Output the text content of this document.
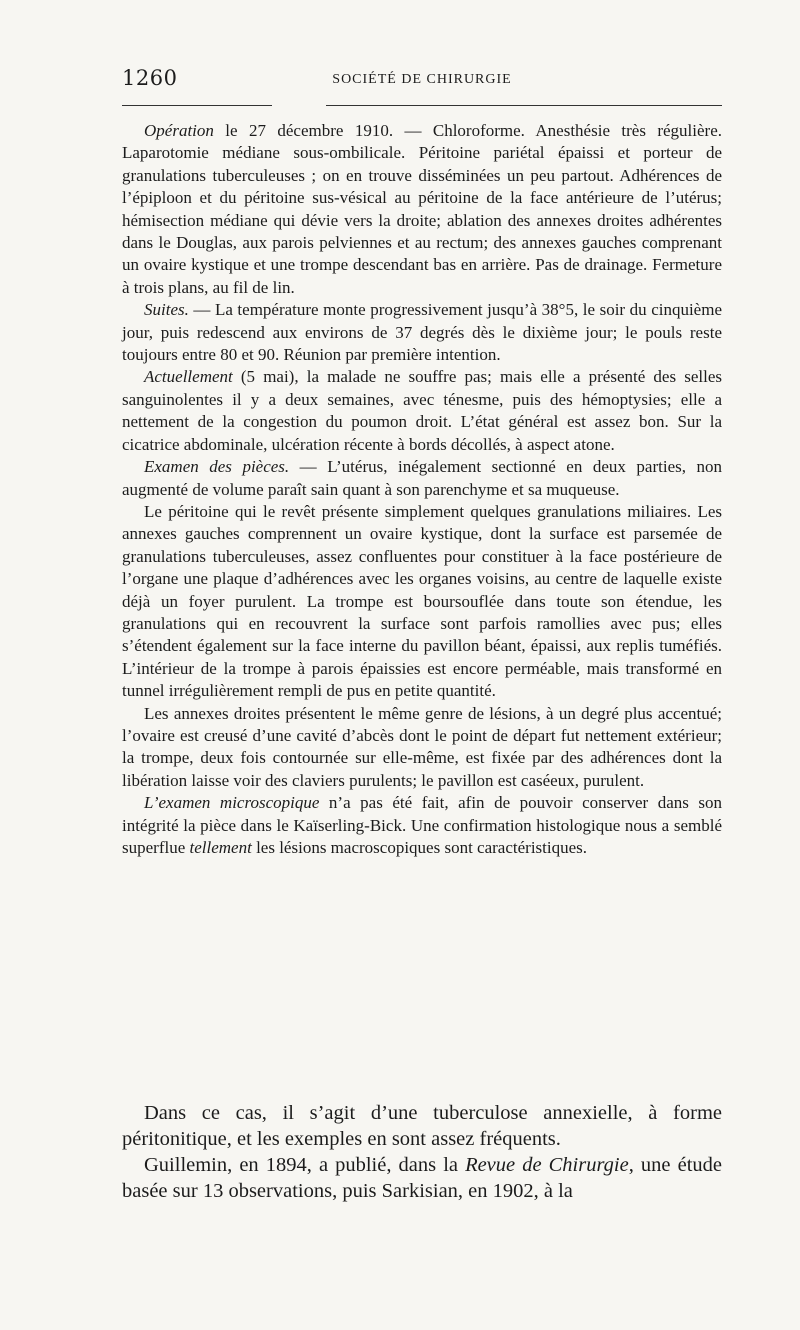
1260	SOCIÉTÉ DE CHIRURGIE

Opération le 27 décembre 1910. — Chloroforme. Anesthésie très régulière. Laparotomie médiane sous-ombilicale. Péritoine pariétal épaissi et porteur de granulations tuberculeuses ; on en trouve disséminées un peu partout. Adhérences de l’épiploon et du péritoine sus-vésical au péritoine de la face antérieure de l’utérus; hémisection médiane qui dévie vers la droite; ablation des annexes droites adhérentes dans le Douglas, aux parois pelviennes et au rectum; des annexes gauches comprenant un ovaire kystique et une trompe descendant bas en arrière. Pas de drainage. Fermeture à trois plans, au fil de lin.

Suites. — La température monte progressivement jusqu’à 38°5, le soir du cinquième jour, puis redescend aux environs de 37 degrés dès le dixième jour; le pouls reste toujours entre 80 et 90. Réunion par première intention.

Actuellement (5 mai), la malade ne souffre pas; mais elle a présenté des selles sanguinolentes il y a deux semaines, avec ténesme, puis des hémoptysies; elle a nettement de la congestion du poumon droit. L’état général est assez bon. Sur la cicatrice abdominale, ulcération récente à bords décollés, à aspect atone.

Examen des pièces. — L’utérus, inégalement sectionné en deux parties, non augmenté de volume paraît sain quant à son parenchyme et sa muqueuse.

Le péritoine qui le revêt présente simplement quelques granulations miliaires. Les annexes gauches comprennent un ovaire kystique, dont la surface est parsemée de granulations tuberculeuses, assez confluentes pour constituer à la face postérieure de l’organe une plaque d’adhérences avec les organes voisins, au centre de laquelle existe déjà un foyer purulent. La trompe est boursouflée dans toute son étendue, les granulations qui en recouvrent la surface sont parfois ramollies avec pus; elles s’étendent également sur la face interne du pavillon béant, épaissi, aux replis tuméfiés. L’intérieur de la trompe à parois épaissies est encore perméable, mais transformé en tunnel irrégulièrement rempli de pus en petite quantité.

Les annexes droites présentent le même genre de lésions, à un degré plus accentué; l’ovaire est creusé d’une cavité d’abcès dont le point de départ fut nettement extérieur; la trompe, deux fois contournée sur elle-même, est fixée par des adhérences dont la libération laisse voir des claviers purulents; le pavillon est caséeux, purulent.

L’examen microscopique n’a pas été fait, afin de pouvoir conserver dans son intégrité la pièce dans le Kaïserling-Bick. Une confirmation histologique nous a semblé superflue tellement les lésions macroscopiques sont caractéristiques.

Dans ce cas, il s’agit d’une tuberculose annexielle, à forme péritonitique, et les exemples en sont assez fréquents.

Guillemin, en 1894, a publié, dans la Revue de Chirurgie, une étude basée sur 13 observations, puis Sarkisian, en 1902, à la
